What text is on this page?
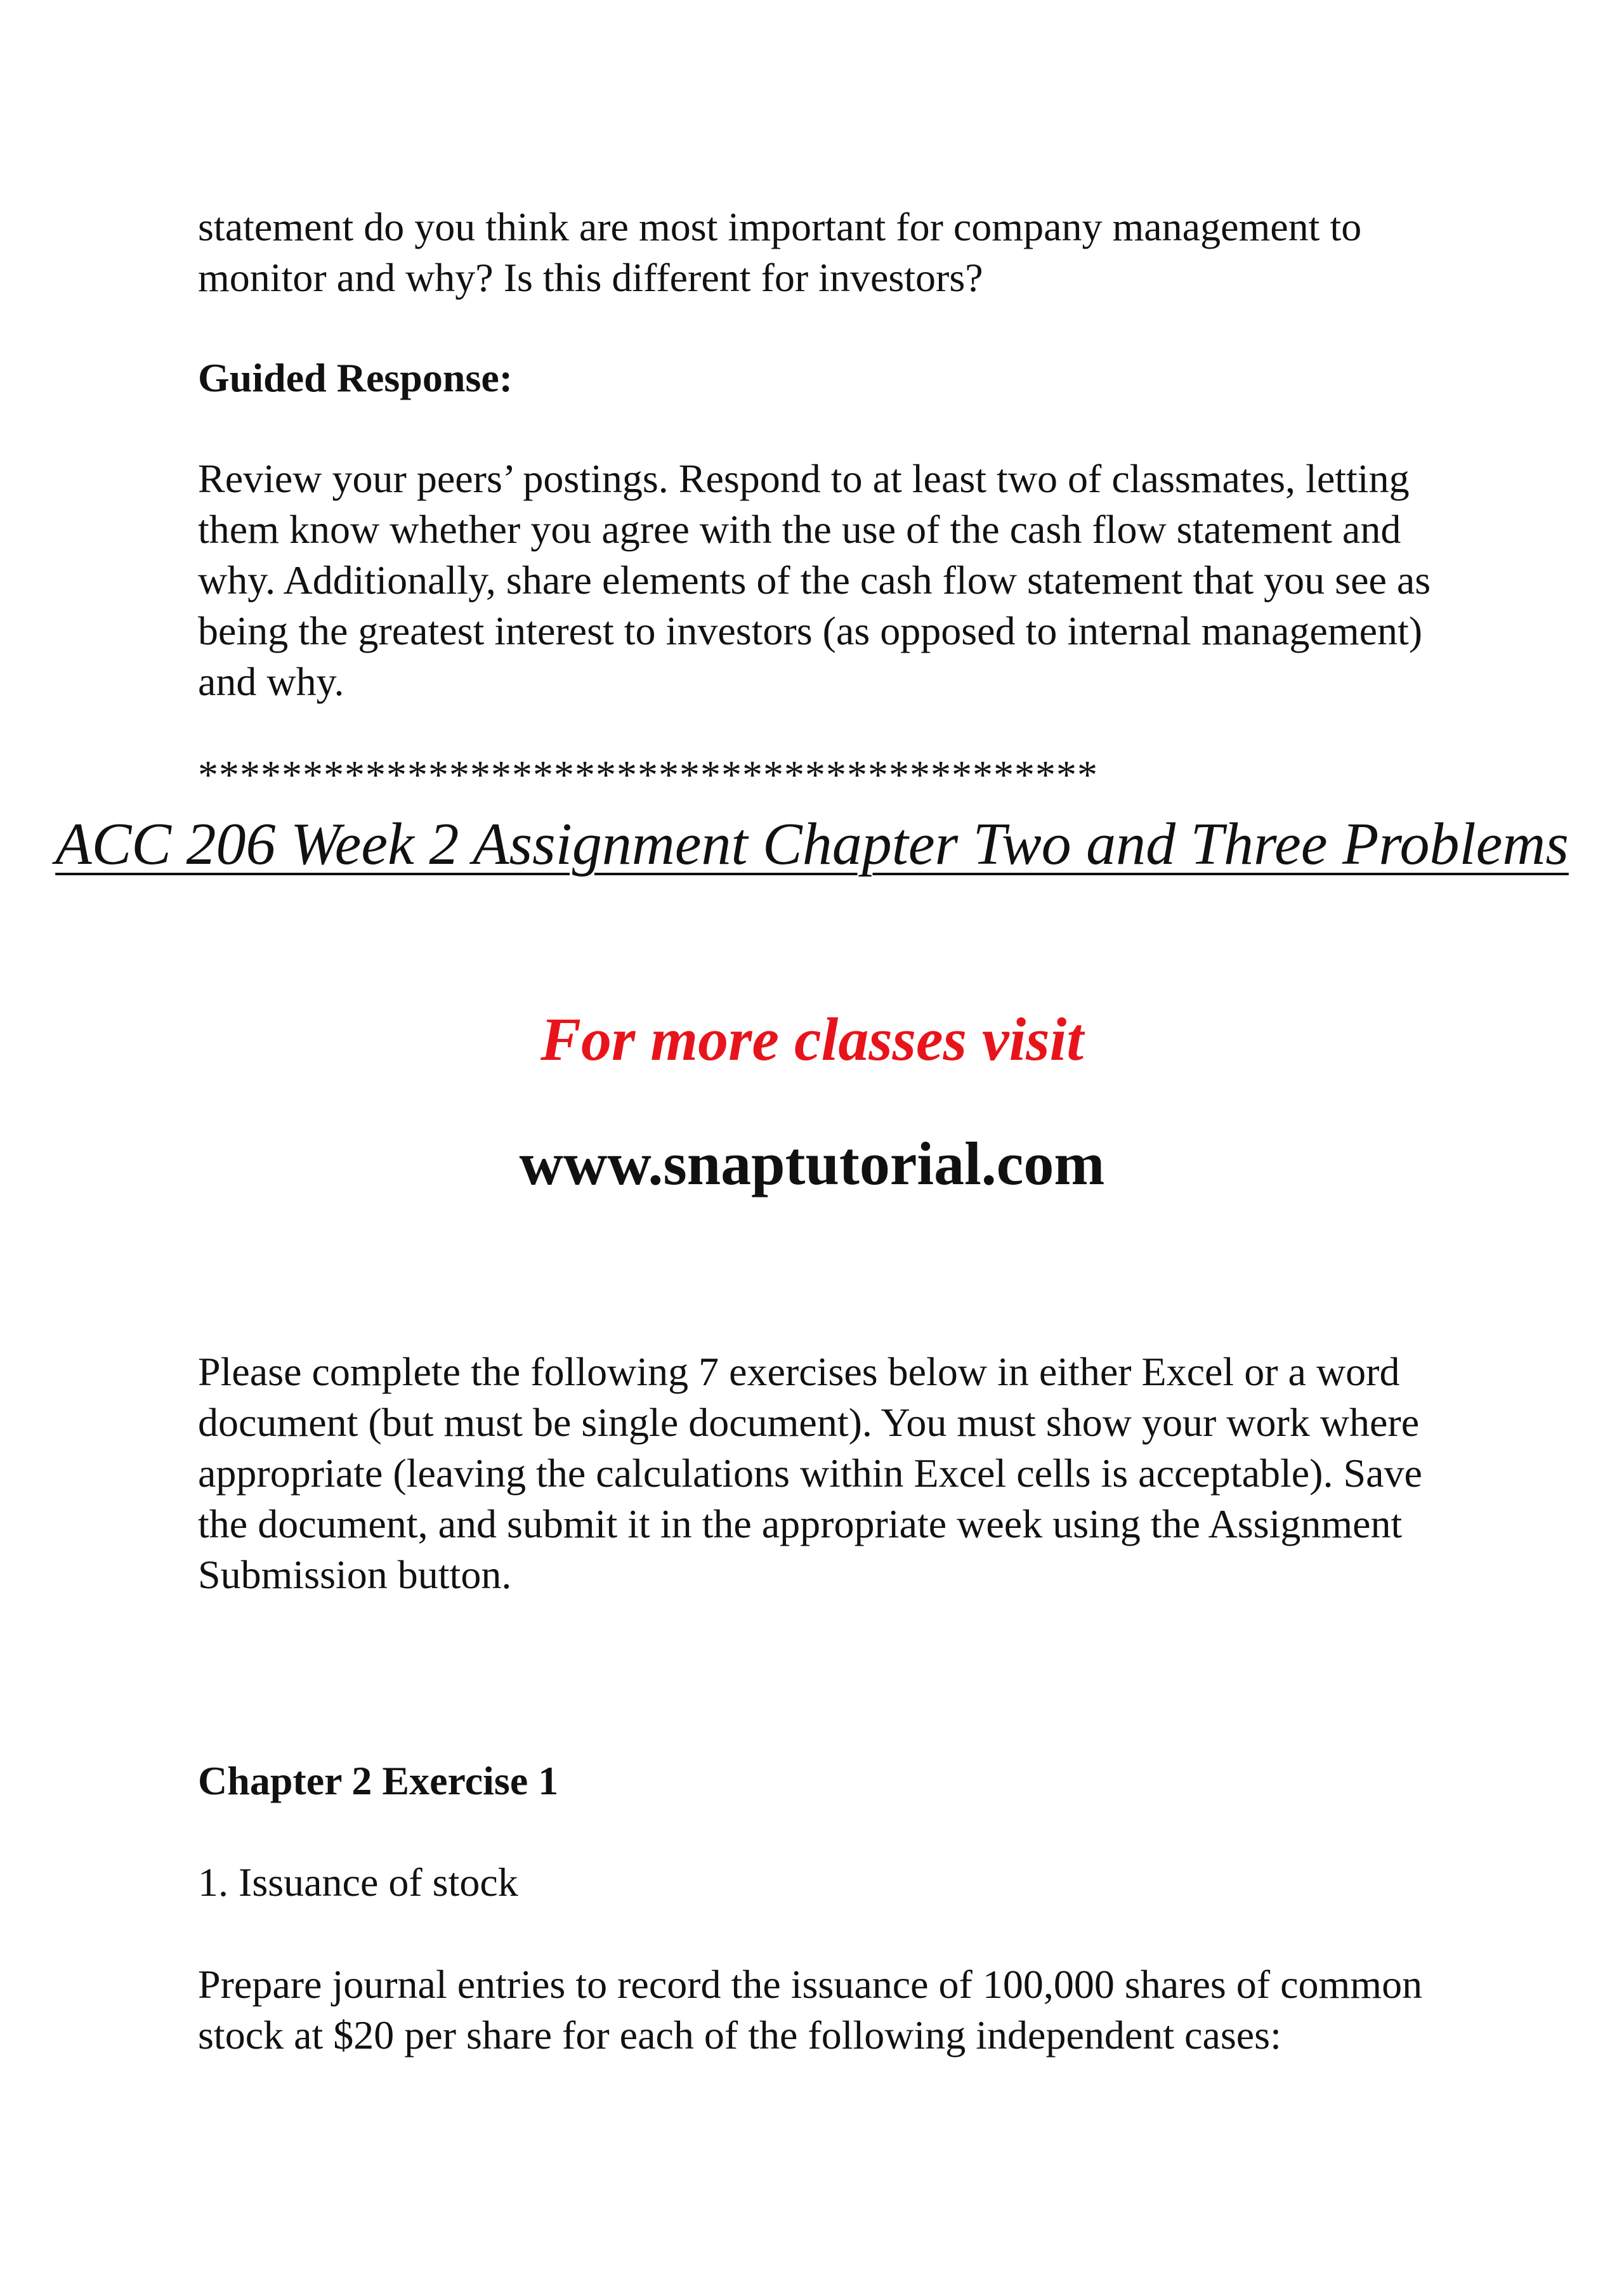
statement do you think are most important for company management to monitor and why? Is this different for investors?

Guided Response:

Review your peers’ postings. Respond to at least two of classmates, letting them know whether you agree with the use of the cash flow statement and why. Additionally, share elements of the cash flow statement that you see as being the greatest interest to investors (as opposed to internal management) and why.

*******************************************

ACC 206 Week 2 Assignment Chapter Two and Three Problems

For more classes visit

www.snaptutorial.com

Please complete the following 7 exercises below in either Excel or a word document (but must be single document). You must show your work where appropriate (leaving the calculations within Excel cells is acceptable). Save the document, and submit it in the appropriate week using the Assignment Submission button.

Chapter 2 Exercise 1

1. Issuance of stock

Prepare journal entries to record the issuance of 100,000 shares of common stock at $20 per share for each of the following independent cases:
